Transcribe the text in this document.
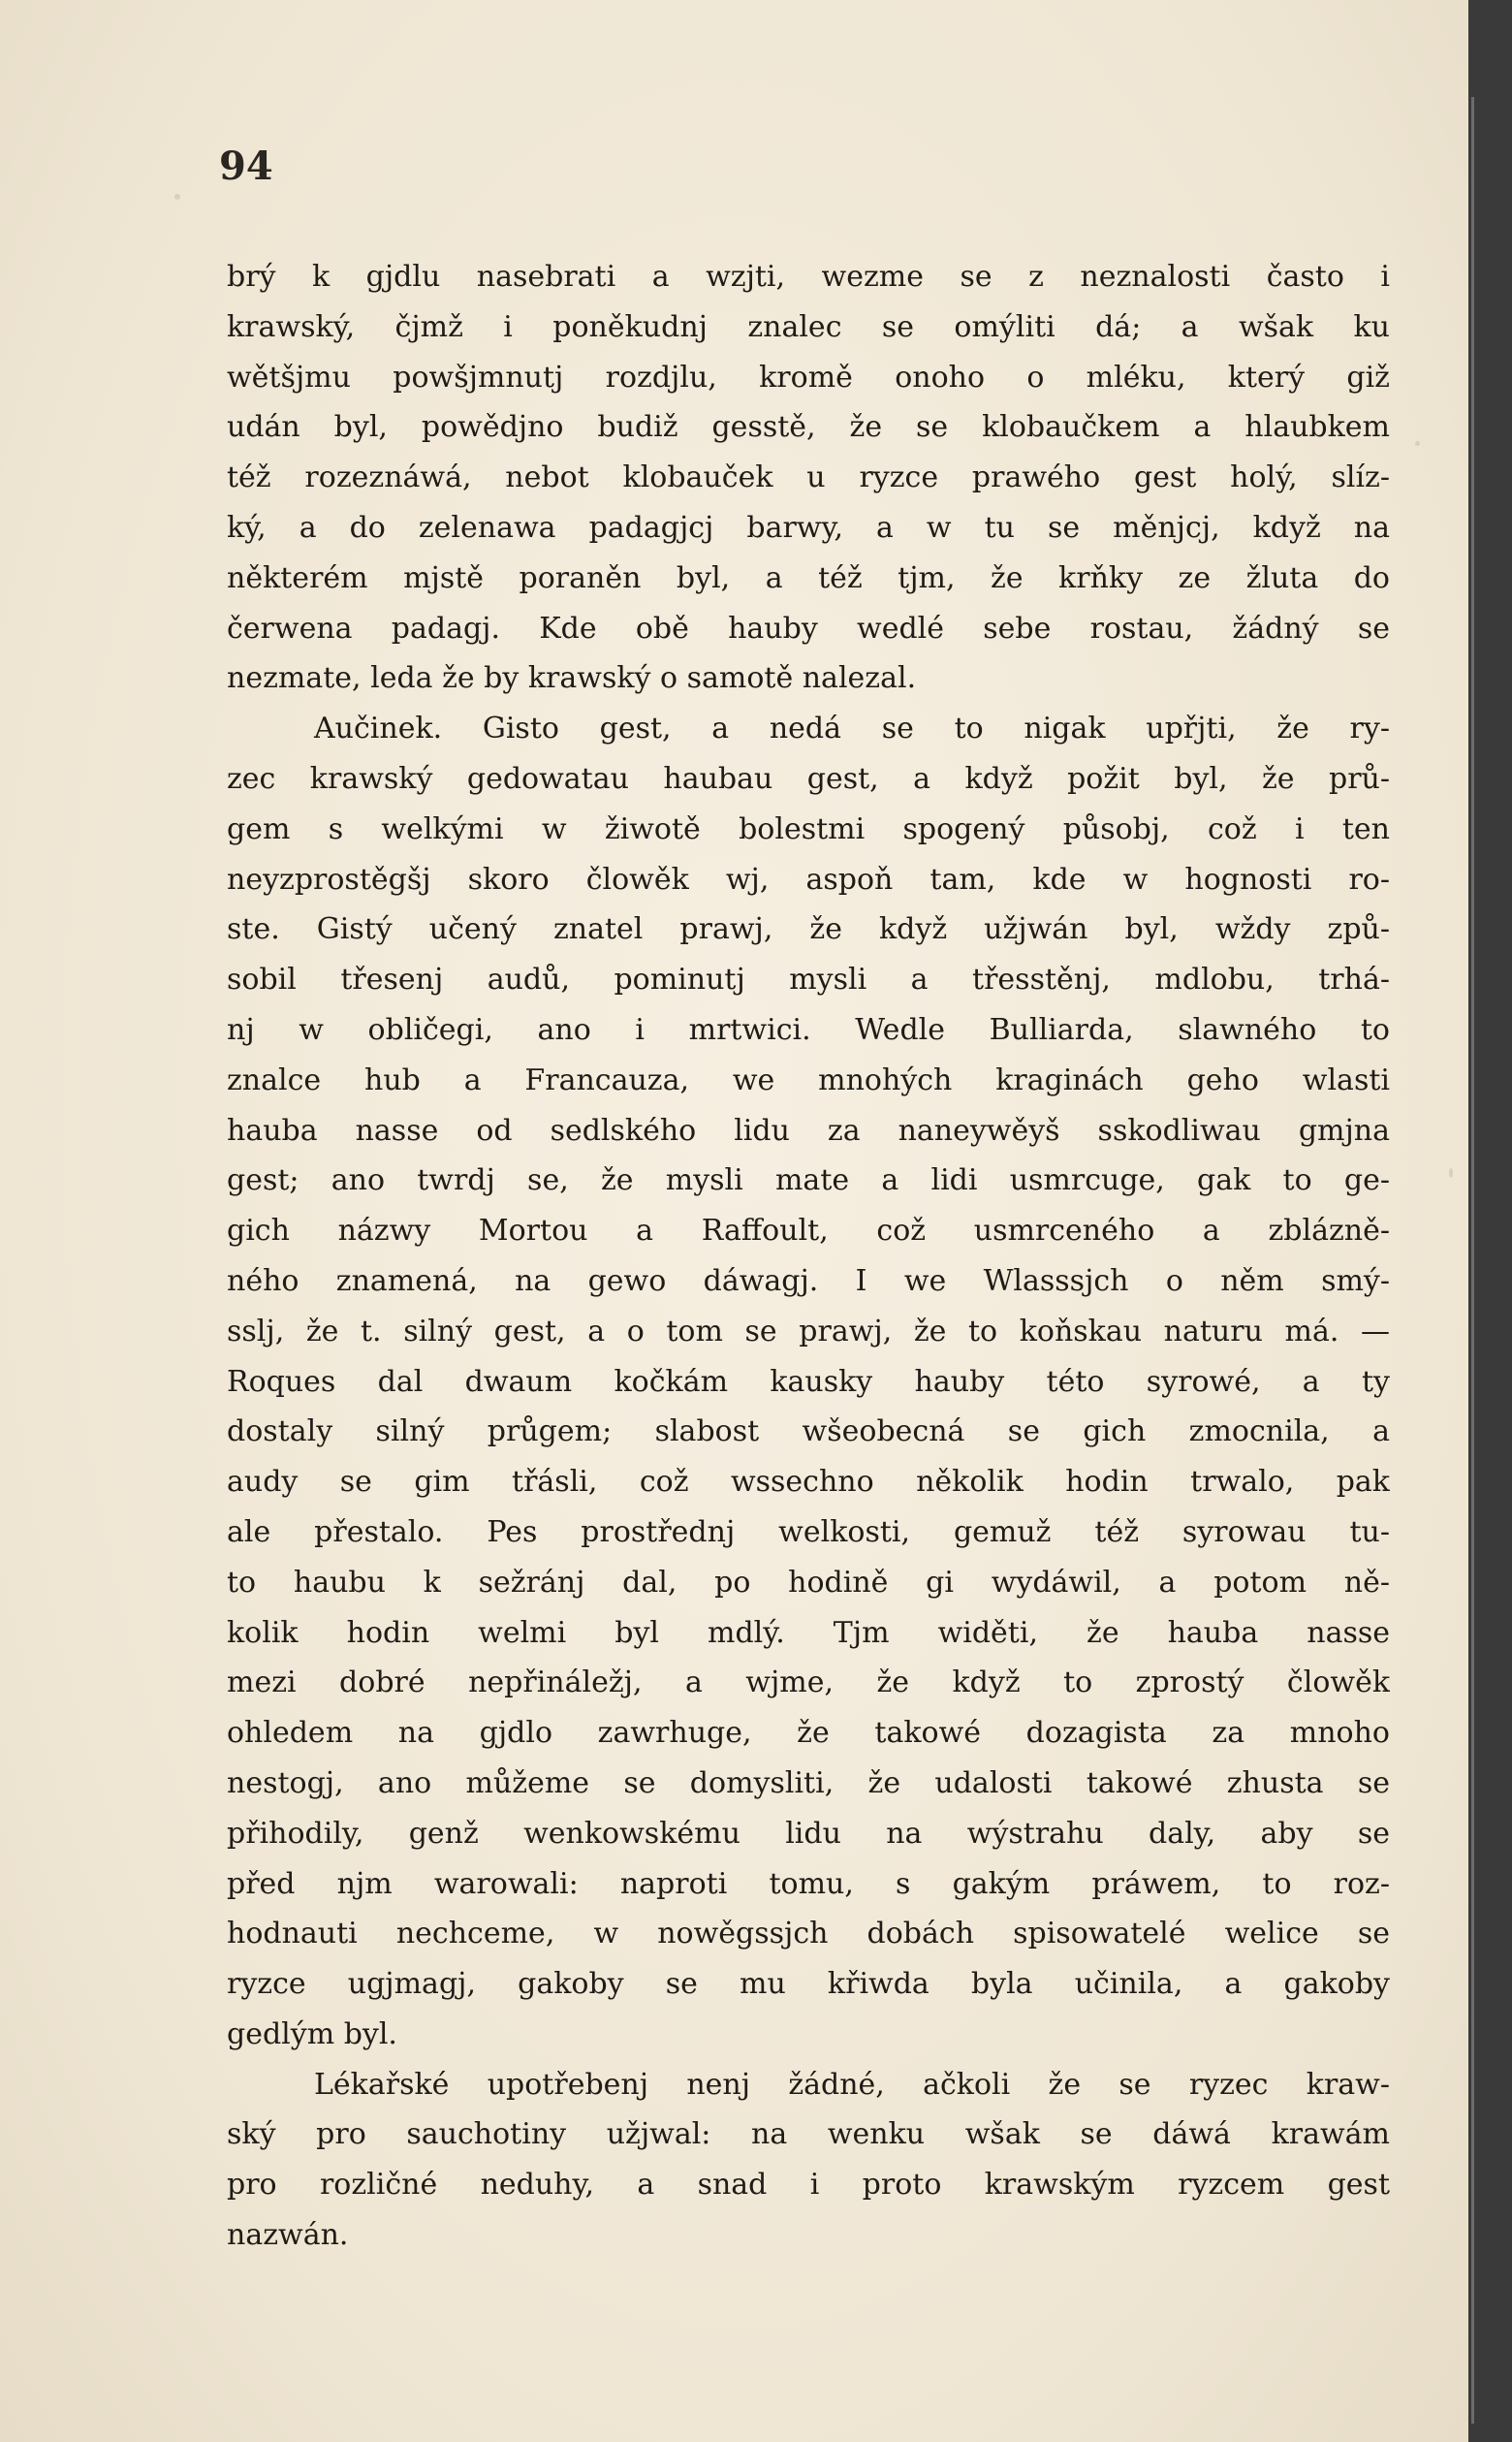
94
brý k gjdlu nasebrati a wzjti, wezme se z neznalosti často i
krawský, čjmž i poněkudnj znalec se omýliti dá; a wšak ku
wětšjmu powšjmnutj rozdjlu, kromě onoho o mléku, který giž
udán byl, powědjno budiž gesstě, že se klobaučkem a hlaubkem
též rozeznáwá, nebot klobauček u ryzce prawého gest holý, slíz-
ký, a do zelenawa padagjcj barwy, a w tu se měnjcj, když na
některém mjstě poraněn byl, a též tjm, že krňky ze žluta do
čerwena padagj. Kde obě hauby wedlé sebe rostau, žádný se
nezmate, leda že by krawský o samotě nalezal.
Aučinek. Gisto gest, a nedá se to nigak upřjti, že ry-
zec krawský gedowatau haubau gest, a když požit byl, že prů-
gem s welkými w žiwotě bolestmi spogený působj, což i ten
neyzprostěgšj skoro člowěk wj, aspoň tam, kde w hognosti ro-
ste. Gistý učený znatel prawj, že když užjwán byl, wždy způ-
sobil třesenj audů, pominutj mysli a třesstěnj, mdlobu, trhá-
nj w obličegi, ano i mrtwici. Wedle Bulliarda, slawného to
znalce hub a Francauza, we mnohých kraginách geho wlasti
hauba nasse od sedlského lidu za naneywěyš sskodliwau gmjna
gest; ano twrdj se, že mysli mate a lidi usmrcuge, gak to ge-
gich názwy Mortou a Raffoult, což usmrceného a zblázně-
ného znamená, na gewo dáwagj. I we Wlasssjch o něm smý-
sslj, že t. silný gest, a o tom se prawj, že to koňskau naturu má. —
Roques dal dwaum kočkám kausky hauby této syrowé, a ty
dostaly silný průgem; slabost wšeobecná se gich zmocnila, a
audy se gim třásli, což wssechno několik hodin trwalo, pak
ale přestalo. Pes prostřednj welkosti, gemuž též syrowau tu-
to haubu k sežránj dal, po hodině gi wydáwil, a potom ně-
kolik hodin welmi byl mdlý. Tjm widěti, že hauba nasse
mezi dobré nepřináležj, a wjme, že když to zprostý člowěk
ohledem na gjdlo zawrhuge, že takowé dozagista za mnoho
nestogj, ano můžeme se domysliti, že udalosti takowé zhusta se
přihodily, genž wenkowskému lidu na wýstrahu daly, aby se
před njm warowali: naproti tomu, s gakým práwem, to roz-
hodnauti nechceme, w nowěgssjch dobách spisowatelé welice se
ryzce ugjmagj, gakoby se mu křiwda byla učinila, a gakoby
gedlým byl.
Lékařské upotřebenj nenj žádné, ačkoli že se ryzec kraw-
ský pro sauchotiny užjwal: na wenku wšak se dáwá krawám
pro rozličné neduhy, a snad i proto krawským ryzcem gest
nazwán.
